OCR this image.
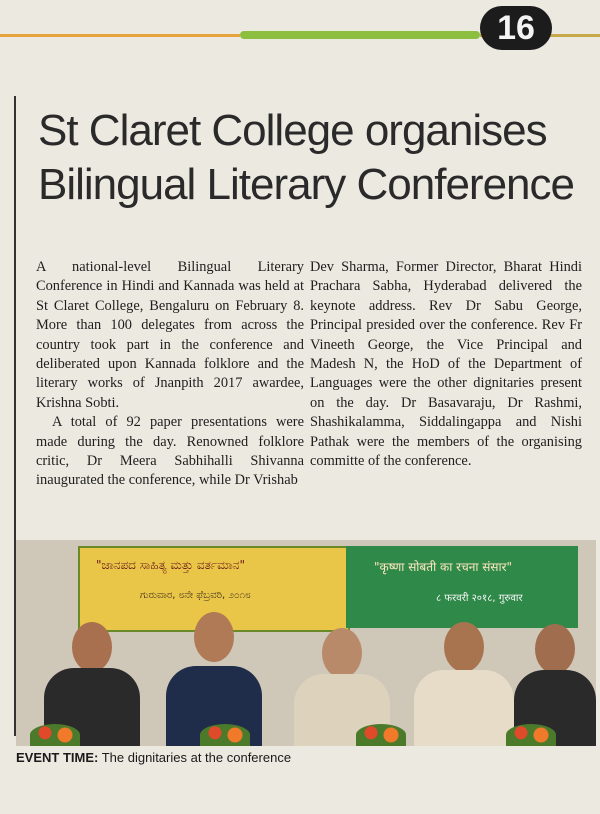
16
St Claret College organises
Bilingual Literary Conference

A national-level Bilingual Literary Conference in Hindi and Kannada was held at St Claret College, Bengaluru on February 8. More than 100 delegates from across the country took part in the conference and deliberated upon Kannada folklore and the literary works of Jnanpith 2017 awardee, Krishna Sobti.

A total of 92 paper presentations were made during the day. Renowned folklore critic, Dr Meera Sabhihalli Shivanna inaugurated the conference, while Dr Vrishab

Dev Sharma, Former Director, Bharat Hindi Prachara Sabha, Hyderabad delivered the keynote address. Rev Dr Sabu George, Principal presided over the conference. Rev Fr Vineeth George, the Vice Principal and Madesh N, the HoD of the Department of Languages were the other dignitaries present on the day. Dr Basavaraju, Dr Rashmi, Shashikalamma, Siddalingappa and Nishi Pathak were the members of the organising committe of the conference.

"ಜಾನಪದ ಸಾಹಿತ್ಯ ಮತ್ತು ವರ್ತಮಾನ"
ಗುರುವಾರ, ೮ನೇ ಫೆಬ್ರವರಿ, ೨೦೧೮
"कृष्णा सोबती का रचना संसार"
८ फरवरी २०१८, गुरुवार
EVENT TIME: The dignitaries at the conference
